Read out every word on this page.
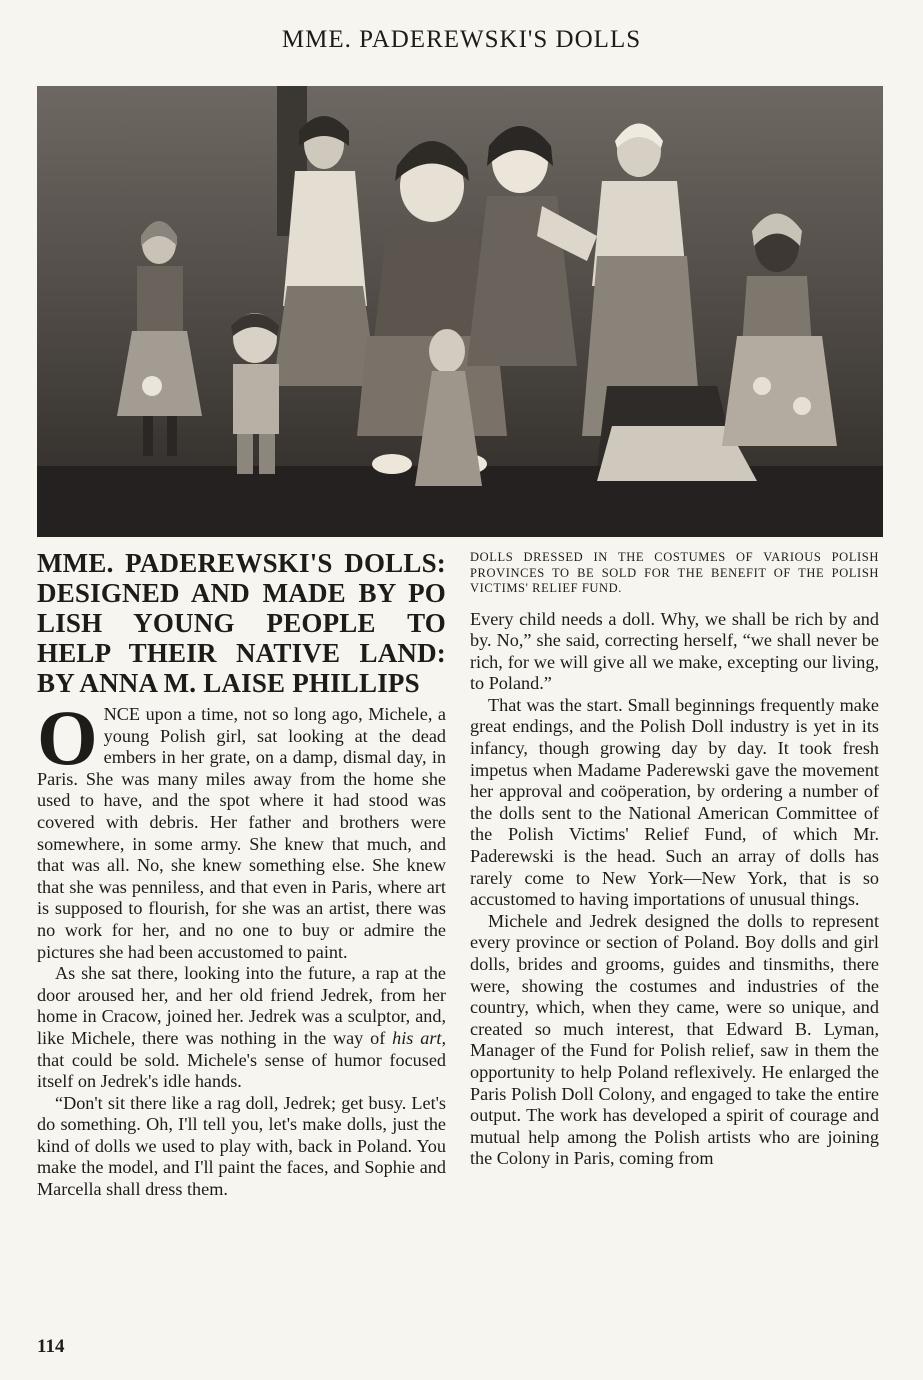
MME. PADEREWSKI'S DOLLS
MME. PADEREWSKI'S DOLLS: DESIGNED AND MADE BY PO LISH YOUNG PEOPLE TO HELP THEIR NATIVE LAND: BY ANNA M. LAISE PHILLIPS

ONCE upon a time, not so long ago, Michele, a young Polish girl, sat looking at the dead embers in her grate, on a damp, dismal day, in Paris. She was many miles away from the home she used to have, and the spot where it had stood was covered with debris. Her father and brothers were somewhere, in some army. She knew that much, and that was all. No, she knew something else. She knew that she was penniless, and that even in Paris, where art is supposed to flourish, for she was an artist, there was no work for her, and no one to buy or admire the pictures she had been accustomed to paint.

As she sat there, looking into the future, a rap at the door aroused her, and her old friend Jedrek, from her home in Cracow, joined her. Jedrek was a sculptor, and, like Michele, there was nothing in the way of his art, that could be sold. Michele's sense of humor focused itself on Jedrek's idle hands.

“Don't sit there like a rag doll, Jedrek; get busy. Let's do something. Oh, I'll tell you, let's make dolls, just the kind of dolls we used to play with, back in Poland. You make the model, and I'll paint the faces, and Sophie and Marcella shall dress them.

DOLLS DRESSED IN THE COSTUMES OF VARIOUS POLISH PROVINCES TO BE SOLD FOR THE BENEFIT OF THE POLISH VICTIMS' RELIEF FUND.

Every child needs a doll. Why, we shall be rich by and by. No,” she said, correcting herself, “we shall never be rich, for we will give all we make, excepting our living, to Poland.”

That was the start. Small beginnings frequently make great endings, and the Polish Doll industry is yet in its infancy, though growing day by day. It took fresh impetus when Madame Paderewski gave the movement her approval and coöperation, by ordering a number of the dolls sent to the National American Committee of the Polish Victims' Relief Fund, of which Mr. Paderewski is the head. Such an array of dolls has rarely come to New York—New York, that is so accustomed to having importations of unusual things.

Michele and Jedrek designed the dolls to represent every province or section of Poland. Boy dolls and girl dolls, brides and grooms, guides and tinsmiths, there were, showing the costumes and industries of the country, which, when they came, were so unique, and created so much interest, that Edward B. Lyman, Manager of the Fund for Polish relief, saw in them the opportunity to help Poland reflexively. He enlarged the Paris Polish Doll Colony, and engaged to take the entire output. The work has developed a spirit of courage and mutual help among the Polish artists who are joining the Colony in Paris, coming from

114
